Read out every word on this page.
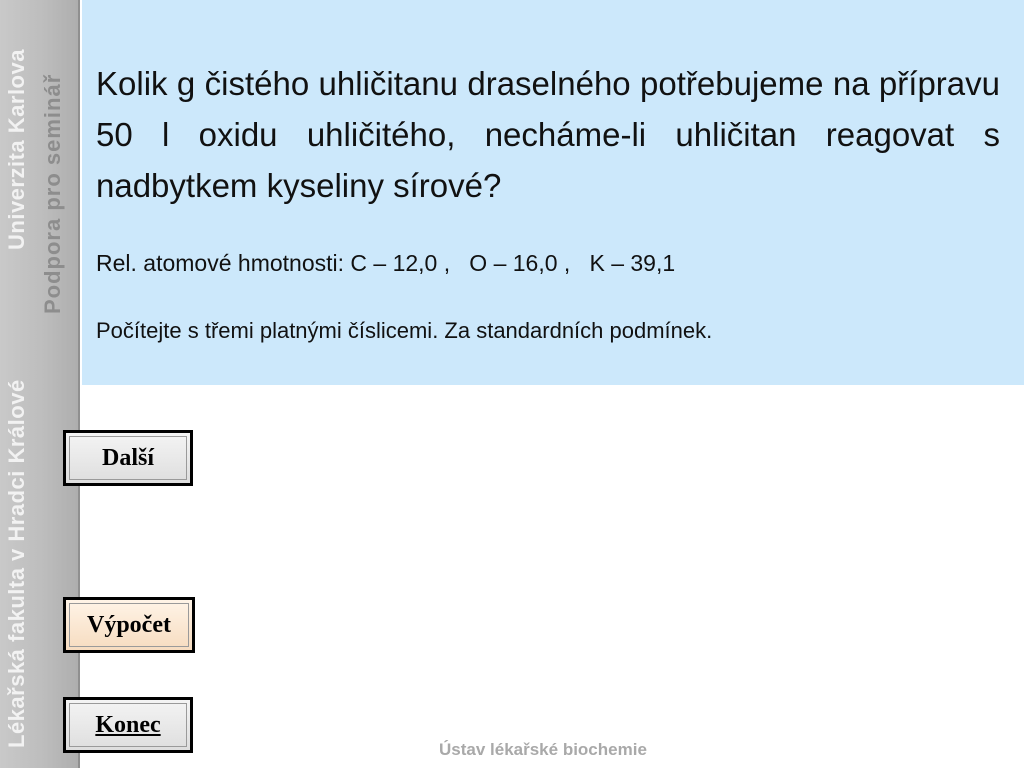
Lékařská fakulta v Hradci Králové
Univerzita Karlova Podpora pro seminář Kolik g čistého uhličitanu draselného potřebujeme na přípravu 50 l oxidu uhličitého, necháme-li uhličitan reagovat s nadbytkem kyseliny sírové?

Rel. atomové hmotnosti: C – 12,0 ,   O – 16,0 ,   K – 39,1

Počítejte s třemi platnými číslicemi. Za standardních podmínek.

Další
Výpočet
Konec

Ústav lékařské biochemie
